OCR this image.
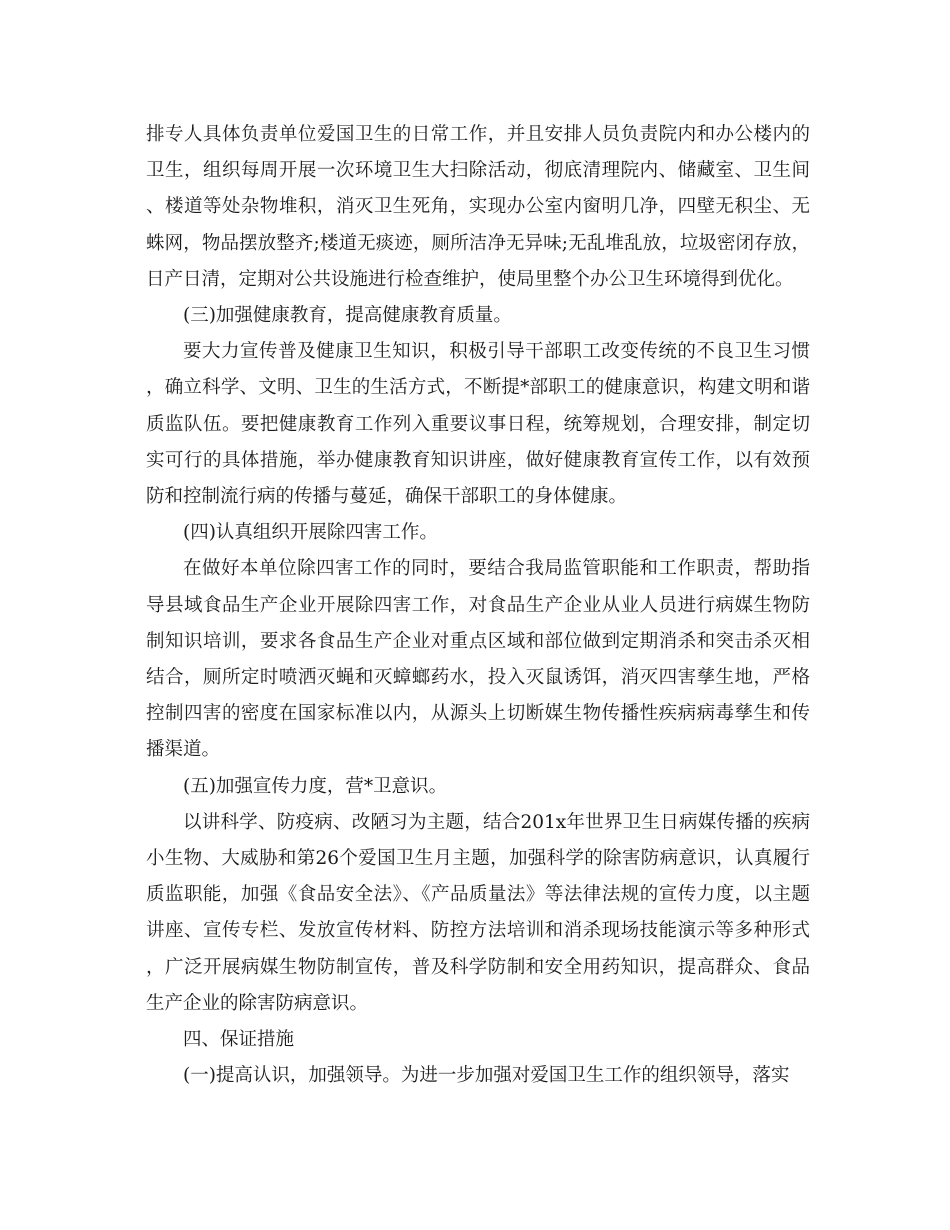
排专人具体负责单位爱国卫生的日常工作，并且安排人员负责院内和办公楼内的卫生，组织每周开展一次环境卫生大扫除活动，彻底清理院内、储藏室、卫生间、楼道等处杂物堆积，消灭卫生死角，实现办公室内窗明几净，四壁无积尘、无蛛网，物品摆放整齐;楼道无痰迹，厕所洁净无异味;无乱堆乱放，垃圾密闭存放，日产日清，定期对公共设施进行检查维护，使局里整个办公卫生环境得到优化。

(三)加强健康教育，提高健康教育质量。

要大力宣传普及健康卫生知识，积极引导干部职工改变传统的不良卫生习惯，确立科学、文明、卫生的生活方式，不断提*部职工的健康意识，构建文明和谐质监队伍。要把健康教育工作列入重要议事日程，统筹规划，合理安排，制定切实可行的具体措施，举办健康教育知识讲座，做好健康教育宣传工作，以有效预防和控制流行病的传播与蔓延，确保干部职工的身体健康。

(四)认真组织开展除四害工作。

在做好本单位除四害工作的同时，要结合我局监管职能和工作职责，帮助指导县域食品生产企业开展除四害工作，对食品生产企业从业人员进行病媒生物防制知识培训，要求各食品生产企业对重点区域和部位做到定期消杀和突击杀灭相结合，厕所定时喷洒灭蝇和灭蟑螂药水，投入灭鼠诱饵，消灭四害孳生地，严格控制四害的密度在国家标准以内，从源头上切断媒生物传播性疾病病毒孳生和传播渠道。

(五)加强宣传力度，营*卫意识。

以讲科学、防疫病、改陋习为主题，结合201x年世界卫生日病媒传播的疾病小生物、大威胁和第26个爱国卫生月主题，加强科学的除害防病意识，认真履行质监职能，加强《食品安全法》、《产品质量法》等法律法规的宣传力度，以主题讲座、宣传专栏、发放宣传材料、防控方法培训和消杀现场技能演示等多种形式，广泛开展病媒生物防制宣传，普及科学防制和安全用药知识，提高群众、食品生产企业的除害防病意识。

四、保证措施

(一)提高认识，加强领导。为进一步加强对爱国卫生工作的组织领导，落实
